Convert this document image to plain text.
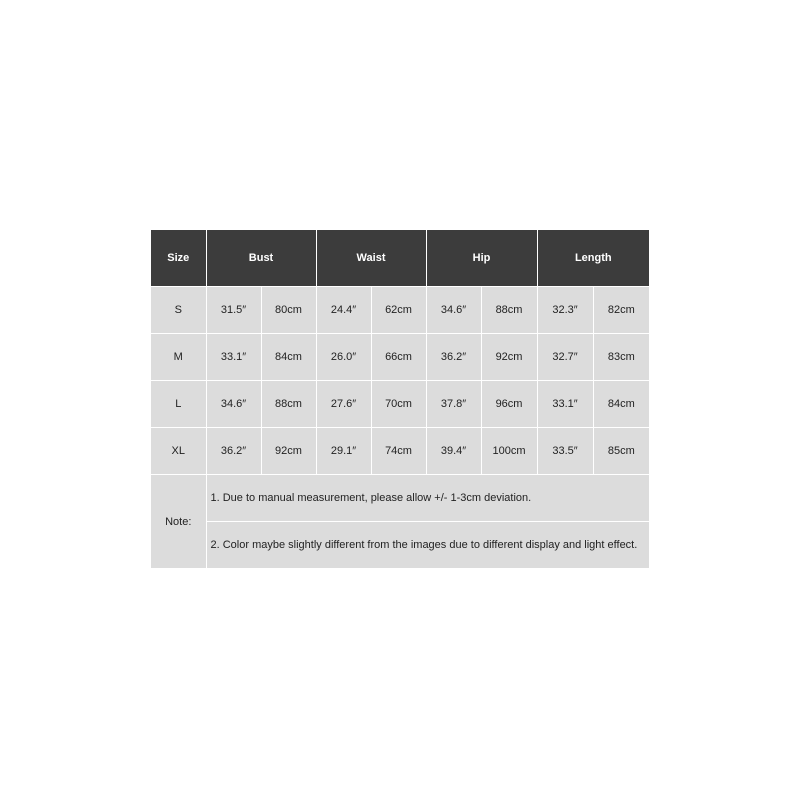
Size	Bust		Waist		Hip		Length	
S	31.5″	80cm	24.4″	62cm	34.6″	88cm	32.3″	82cm
M	33.1″	84cm	26.0″	66cm	36.2″	92cm	32.7″	83cm
L	34.6″	88cm	27.6″	70cm	37.8″	96cm	33.1″	84cm
XL	36.2″	92cm	29.1″	74cm	39.4″	100cm	33.5″	85cm
Note:	1. Due to manual measurement, please allow +/- 1-3cm deviation.							
	2. Color maybe slightly different from the images due to different display and light effect.							
